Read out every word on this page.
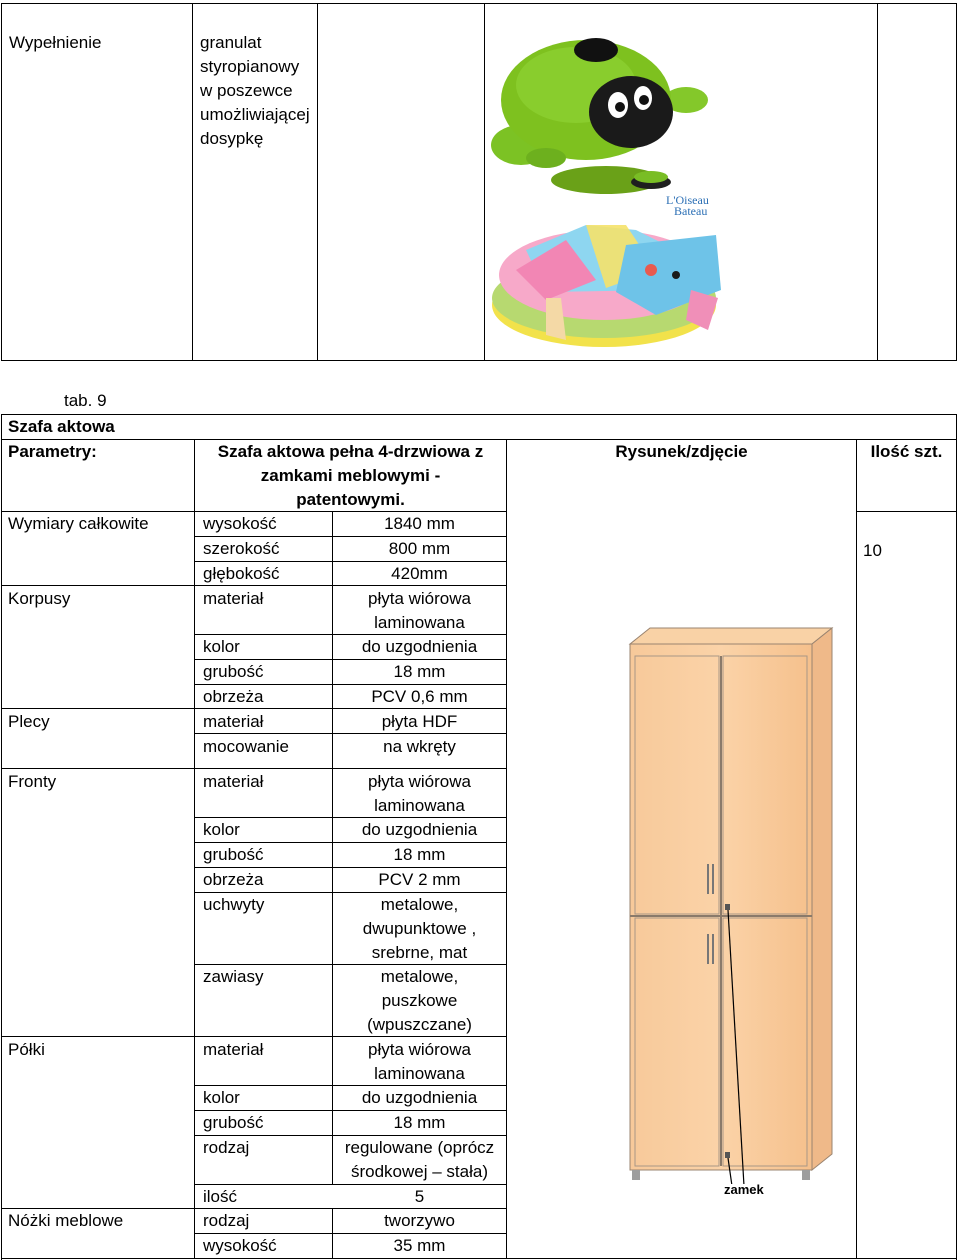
Wypełnienie	granulat
styropianowy
w poszewce
umożliwiającej
dosypkę
L'Oiseau
Bateau
tab. 9
Szafa aktowa
Parametry:	Szafa aktowa pełna 4-drzwiowa z
zamkami meblowymi -
patentowymi.
Rysunek/zdjęcie	Ilość szt.
10
Wymiary całkowite	wysokość	1840 mm
szerokość	800 mm
głębokość	420mm
Korpusy	materiał	płyta wiórowa
laminowana
kolor	do uzgodnienia
grubość	18 mm
obrzeża	PCV 0,6 mm
Plecy	materiał	płyta HDF
mocowanie	na wkręty
Fronty	materiał	płyta wiórowa
laminowana
kolor	do uzgodnienia
grubość	18 mm
obrzeża	PCV 2 mm
uchwyty	metalowe,
dwupunktowe ,
srebrne, mat
zawiasy	metalowe,
puszkowe
(wpuszczane)
Półki	materiał	płyta wiórowa
laminowana
kolor	do uzgodnienia
grubość	18 mm
rodzaj	regulowane (oprócz
środkowej – stała)
ilość	5
Nóżki meblowe	rodzaj	tworzywo
wysokość	35 mm
zamek
